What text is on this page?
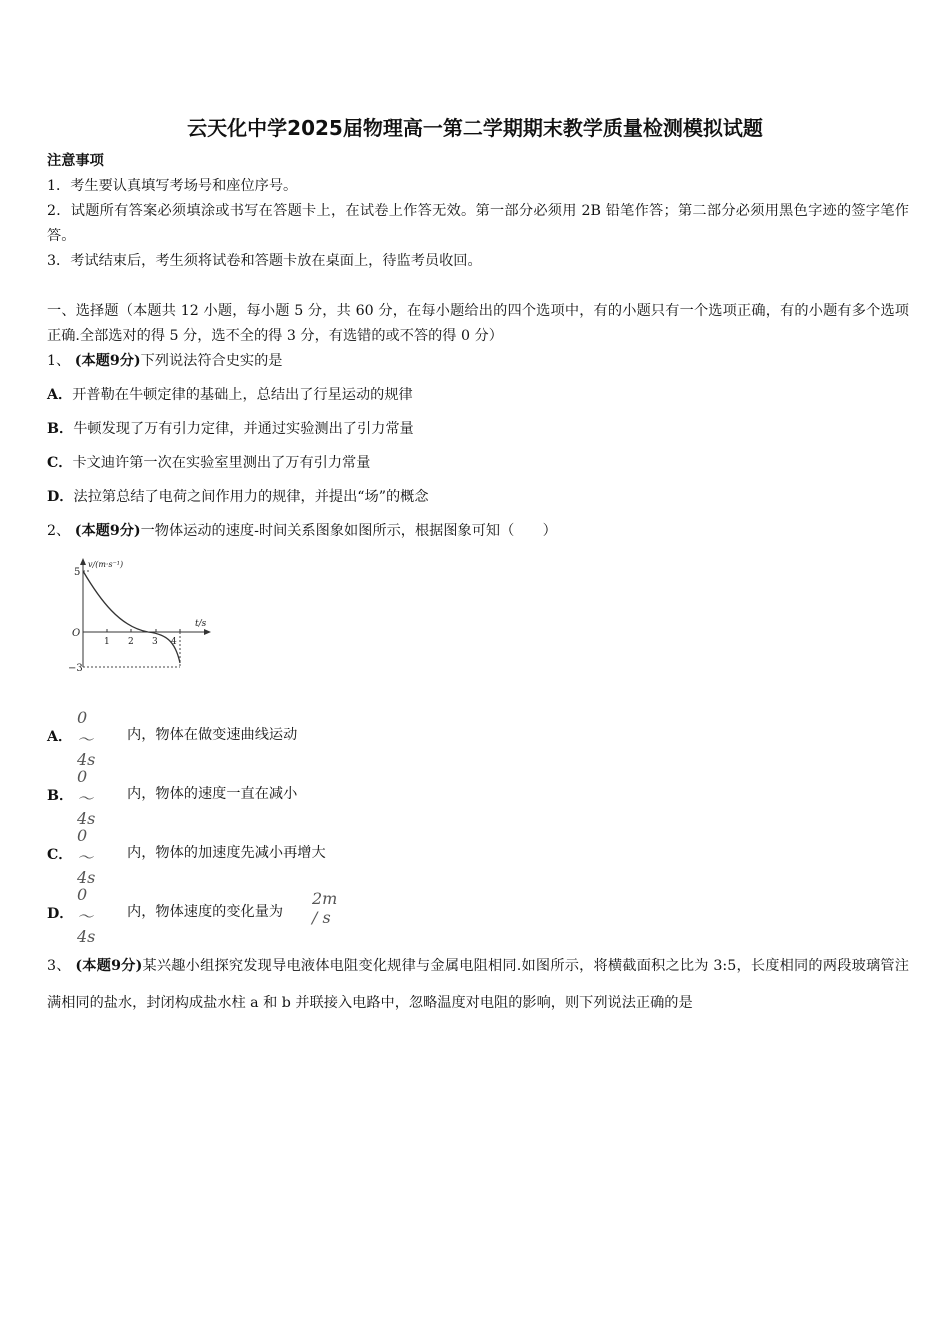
云天化中学2025届物理高一第二学期期末教学质量检测模拟试题
注意事项
1．考生要认真填写考场号和座位序号。
2．试题所有答案必须填涂或书写在答题卡上，在试卷上作答无效。第一部分必须用 2B 铅笔作答；第二部分必须用黑色字迹的签字笔作答。
3．考试结束后，考生须将试卷和答题卡放在桌面上，待监考员收回。
一、选择题（本题共 12 小题，每小题 5 分，共 60 分，在每小题给出的四个选项中，有的小题只有一个选项正确，有的小题有多个选项正确.全部选对的得 5 分，选不全的得 3 分，有选错的或不答的得 0 分）
1、 (本题9分)下列说法符合史实的是
A．开普勒在牛顿定律的基础上，总结出了行星运动的规律
B．牛顿发现了万有引力定律，并通过实验测出了引力常量
C．卡文迪许第一次在实验室里测出了万有引力常量
D．法拉第总结了电荷之间作用力的规律，并提出“场”的概念
2、 (本题9分)一物体运动的速度-时间关系图象如图所示，根据图象可知（　　）
v/(m·s⁻¹)
t/s
5
−3
O
1 2 3 4
A．
0～4s
内，物体在做变速曲线运动
B．
0～4s
内，物体的速度一直在减小
C．
0～4s
内，物体的加速度先减小再增大
D．
0～4s
内，物体速度的变化量为
2m / s
3、 (本题9分)某兴趣小组探究发现导电液体电阻变化规律与金属电阻相同.如图所示，将横截面积之比为 3:5，长度相同的两段玻璃管注满相同的盐水，封闭构成盐水柱 a 和 b 并联接入电路中，忽略温度对电阻的影响，则下列说法正确的是
